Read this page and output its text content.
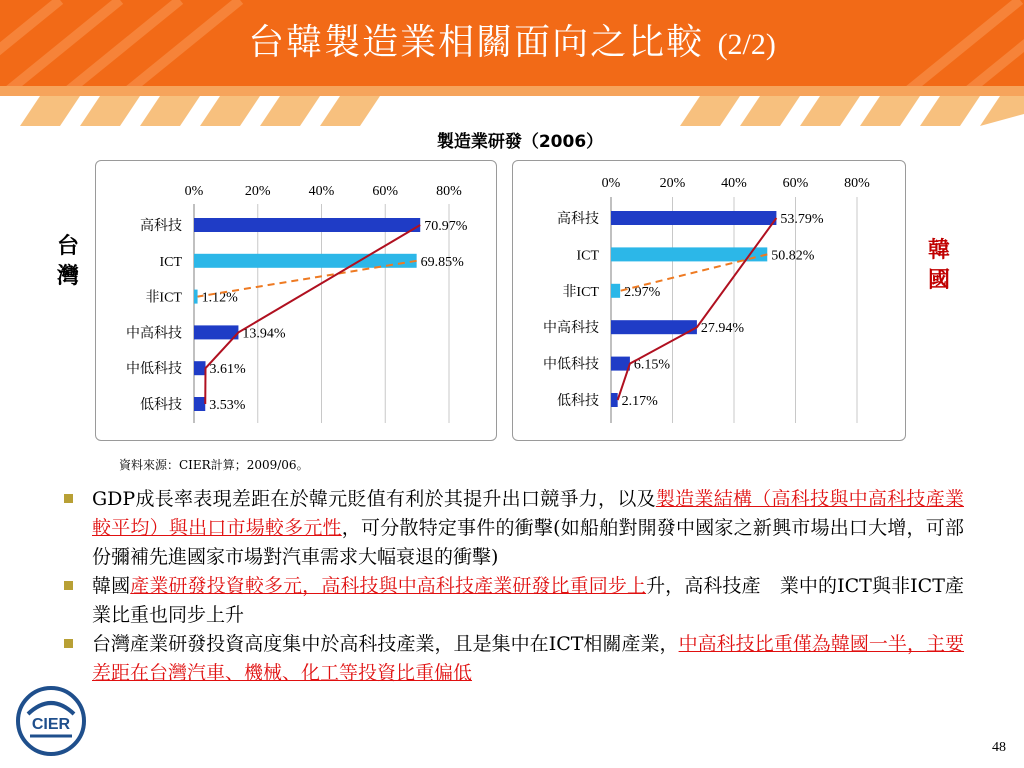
台韓製造業相關面向之比較 (2/2)
製造業研發（2006）
台灣
韓國
0%	20%	40%	60%	80%
高科技	70.97%
ICT	69.85%
非ICT 1.12%
中高科技	13.94%
中低科技 3.61%
低科技 3.53%
0%	20%	40%	60%	80%
高科技	53.79%
ICT	50.82%
非ICT 2.97%
中高科技	27.94%
中低科技 6.15%
低科技 2.17%
資料來源：CIER計算；2009/06。
GDP成長率表現差距在於韓元貶值有利於其提升出口競爭力，以及製造業結構（高科技與中高科技產業較平均）與出口市場較多元性，可分散特定事件的衝擊(如船舶對開發中國家之新興市場出口大增，可部份彌補先進國家市場對汽車需求大幅衰退的衝擊)
韓國產業研發投資較多元，高科技與中高科技產業研發比重同步上升，高科技產　業中的ICT與非ICT產業比重也同步上升
台灣產業研發投資高度集中於高科技產業，且是集中在ICT相關產業，中高科技比重僅為韓國一半，主要差距在台灣汽車、機械、化工等投資比重偏低
CIER
48
